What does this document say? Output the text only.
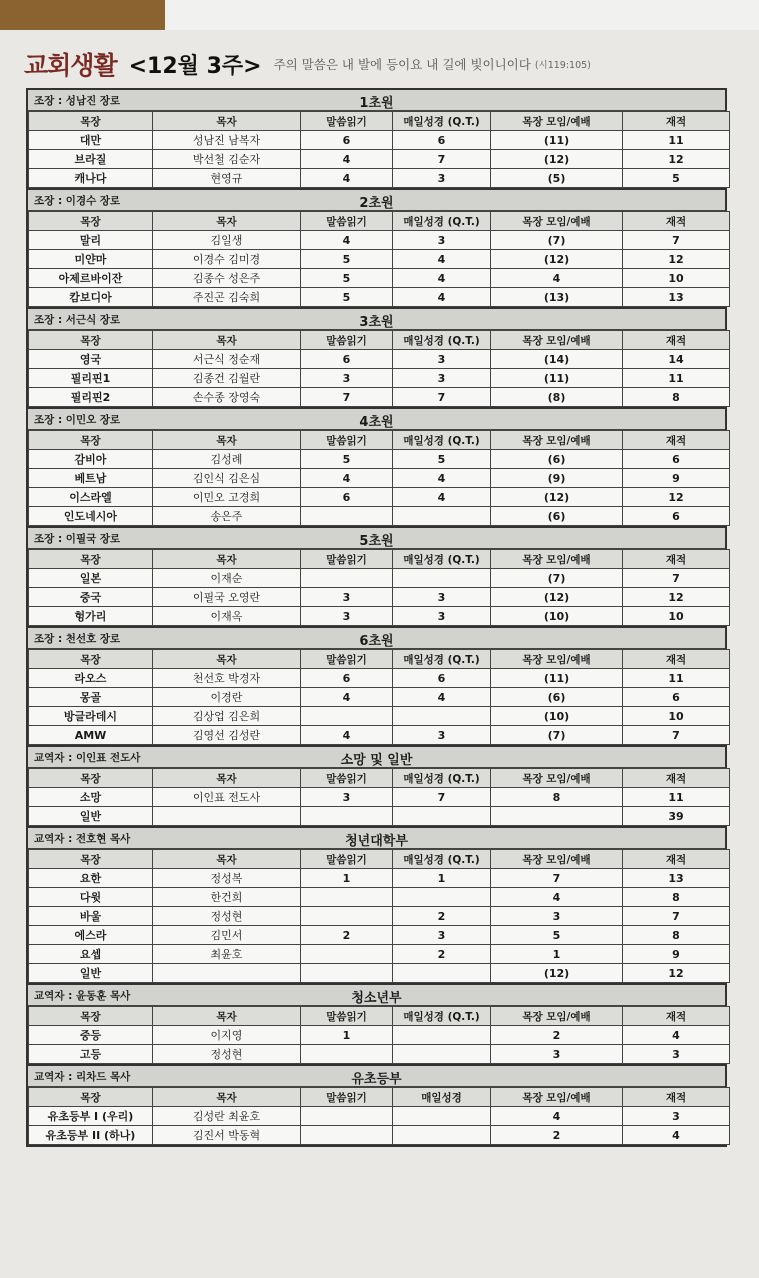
교회생활 <12월 3주> 주의 말씀은 내 발에 등이요 내 길에 빛이니이다 (시119:105)
조장 : 성남진 장로	1초원
목장	목자	말씀읽기	매일성경 (Q.T.)	목장 모임/예배	재적
대만	성남진 남복자	6	6	(11)	11
브라질	박선철 김순자	4	7	(12)	12
캐나다	현영규	4	3	(5)	5
조장 : 이경수 장로	2초원
목장	목자	말씀읽기	매일성경 (Q.T.)	목장 모임/예배	재적
말리	김일생	4	3	(7)	7
미얀마	이경수 김미경	5	4	(12)	12
아제르바이잔	김종수 성은주	5	4	4	10
캄보디아	주진곤 김숙희	5	4	(13)	13
조장 : 서근식 장로	3초원
목장	목자	말씀읽기	매일성경 (Q.T.)	목장 모임/예배	재적
영국	서근식 정순재	6	3	(14)	14
필리핀1	김종건 김월란	3	3	(11)	11
필리핀2	손수종 장영숙	7	7	(8)	8
조장 : 이민오 장로	4초원
목장	목자	말씀읽기	매일성경 (Q.T.)	목장 모임/예배	재적
감비아	김성례	5	5	(6)	6
베트남	김인식 김은심	4	4	(9)	9
이스라엘	이민오 고경희	6	4	(12)	12
인도네시아	송은주			(6)	6
조장 : 이필국 장로	5초원
목장	목자	말씀읽기	매일성경 (Q.T.)	목장 모임/예배	재적
일본	이재순			(7)	7
중국	이필국 오영란	3	3	(12)	12
헝가리	이재옥	3	3	(10)	10
조장 : 천선호 장로	6초원
목장	목자	말씀읽기	매일성경 (Q.T.)	목장 모임/예배	재적
라오스	천선호 박경자	6	6	(11)	11
몽골	이경란	4	4	(6)	6
방글라데시	김상업 김은희			(10)	10
AMW	김영선 김성란	4	3	(7)	7
교역자 : 이인표 전도사	소망 및 일반
목장	목자	말씀읽기	매일성경 (Q.T.)	목장 모임/예배	재적
소망	이인표 전도사	3	7	8	11
일반					39
교역자 : 전호현 목사	청년대학부
목장	목자	말씀읽기	매일성경 (Q.T.)	목장 모임/예배	재적
요한	정성복	1	1	7	13
다윗	한건희			4	8
바울	정성현		2	3	7
에스라	김민서	2	3	5	8
요셉	최윤호		2	1	9
일반				(12)	12
교역자 : 윤동훈 목사	청소년부
목장	목자	말씀읽기	매일성경 (Q.T.)	목장 모임/예배	재적
중등	이지영	1		2	4
고등	정성현			3	3
교역자 : 리차드 목사	유초등부
목장	목자	말씀읽기	매일성경	목장 모임/예배	재적
유초등부 I (우리)	김성란 최윤호			4	3
유초등부 II (하나)	김진서 박동혁			2	4
